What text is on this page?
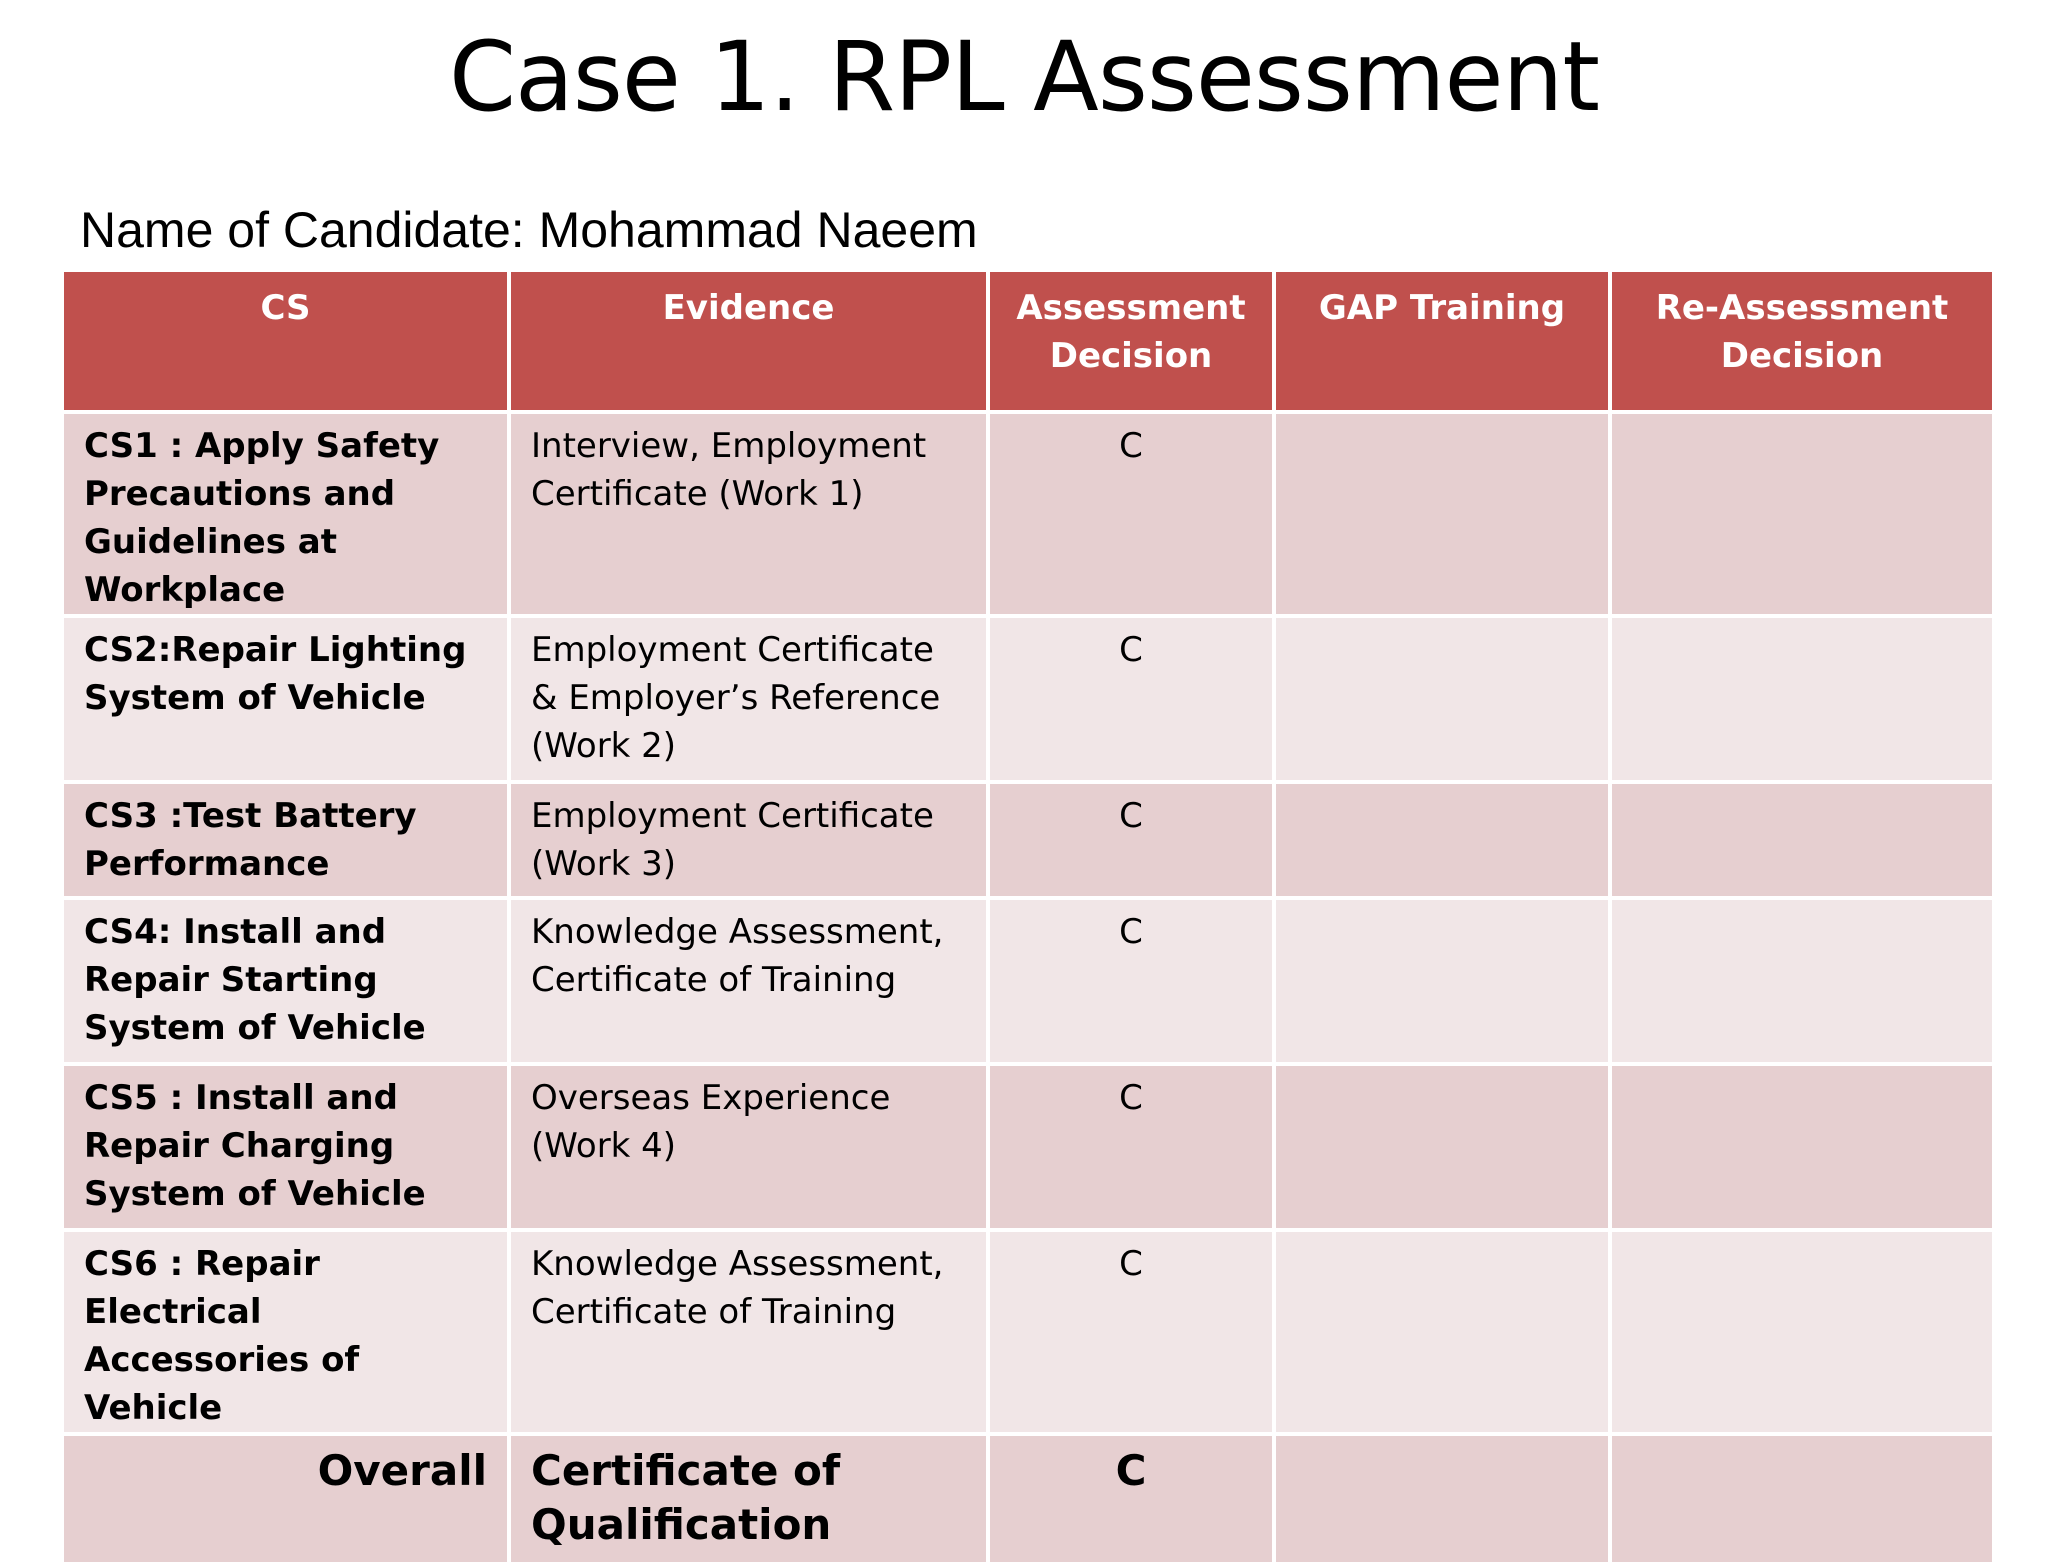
Case 1. RPL Assessment
Name of Candidate: Mohammad Naeem
CS	Evidence	Assessment Decision	GAP Training	Re-Assessment Decision
CS1 : Apply Safety Precautions and Guidelines at Workplace	Interview, Employment Certificate (Work 1)	C		
CS2:Repair Lighting System of Vehicle	Employment Certificate & Employer’s Reference (Work 2)	C		
CS3 :Test Battery Performance	Employment Certificate (Work 3)	C		
CS4: Install and Repair Starting System of Vehicle	Knowledge Assessment, Certificate of Training	C		
CS5 : Install and Repair Charging System of Vehicle	Overseas Experience (Work 4)	C		
CS6 : Repair Electrical Accessories of Vehicle	Knowledge Assessment, Certificate of Training	C		
Overall	Certificate of Qualification	C		
